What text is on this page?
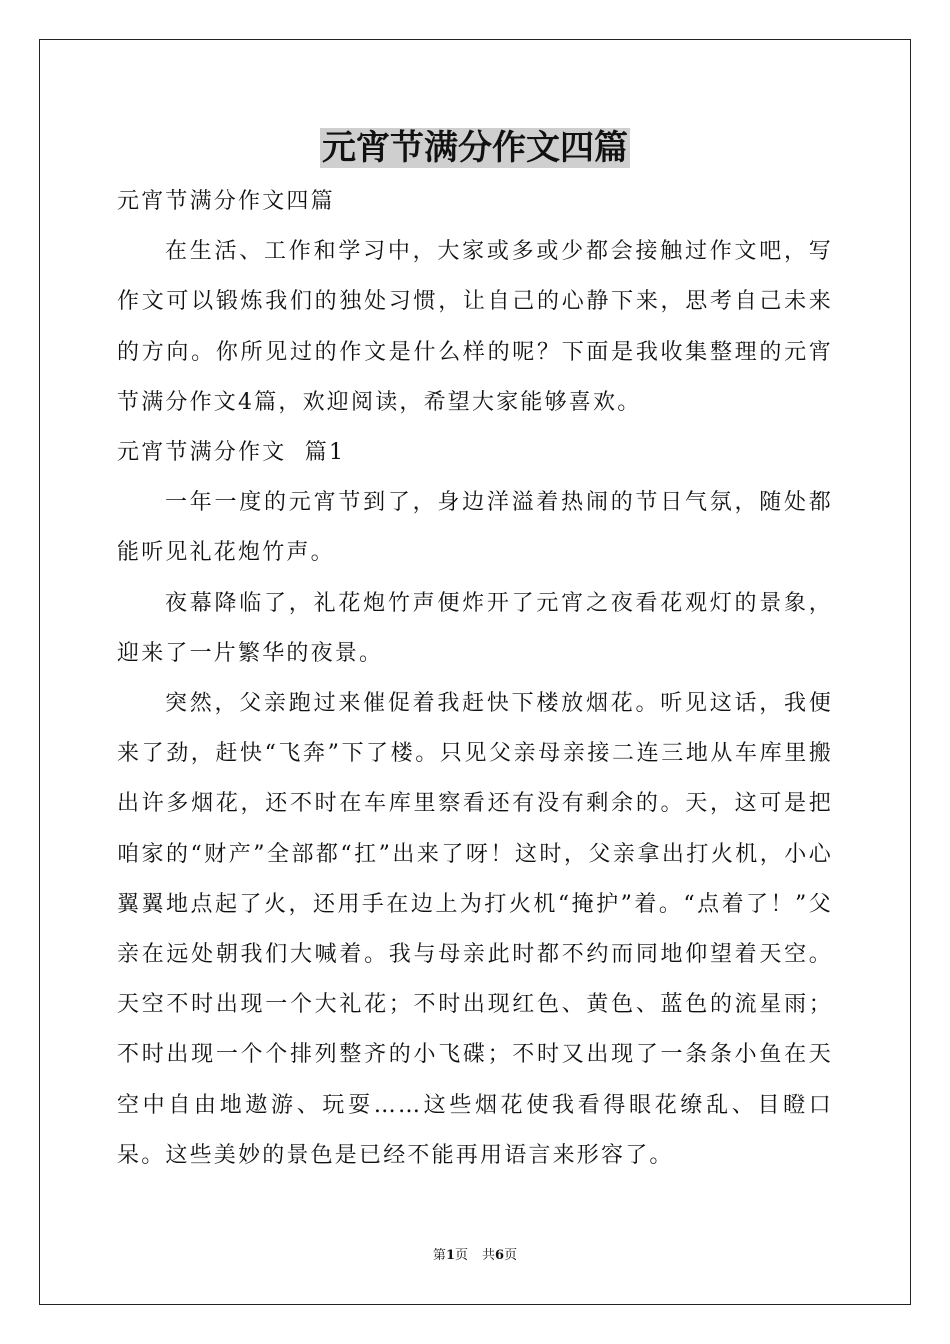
元宵节满分作文四篇

元宵节满分作文四篇

在生活、工作和学习中，大家或多或少都会接触过作文吧，写作文可以锻炼我们的独处习惯，让自己的心静下来，思考自己未来的方向。你所见过的作文是什么样的呢？下面是我收集整理的元宵节满分作文4篇，欢迎阅读，希望大家能够喜欢。

元宵节满分作文  篇1

一年一度的元宵节到了，身边洋溢着热闹的节日气氛，随处都能听见礼花炮竹声。

夜幕降临了，礼花炮竹声便炸开了元宵之夜看花观灯的景象，迎来了一片繁华的夜景。

突然，父亲跑过来催促着我赶快下楼放烟花。听见这话，我便来了劲，赶快“飞奔”下了楼。只见父亲母亲接二连三地从车库里搬出许多烟花，还不时在车库里察看还有没有剩余的。天，这可是把咱家的“财产”全部都“扛”出来了呀！这时，父亲拿出打火机，小心翼翼地点起了火，还用手在边上为打火机“掩护”着。“点着了！”父亲在远处朝我们大喊着。我与母亲此时都不约而同地仰望着天空。天空不时出现一个大礼花；不时出现红色、黄色、蓝色的流星雨；不时出现一个个排列整齐的小飞碟；不时又出现了一条条小鱼在天空中自由地遨游、玩耍……这些烟花使我看得眼花缭乱、目瞪口呆。这些美妙的景色是已经不能再用语言来形容了。

第1页 共6页
